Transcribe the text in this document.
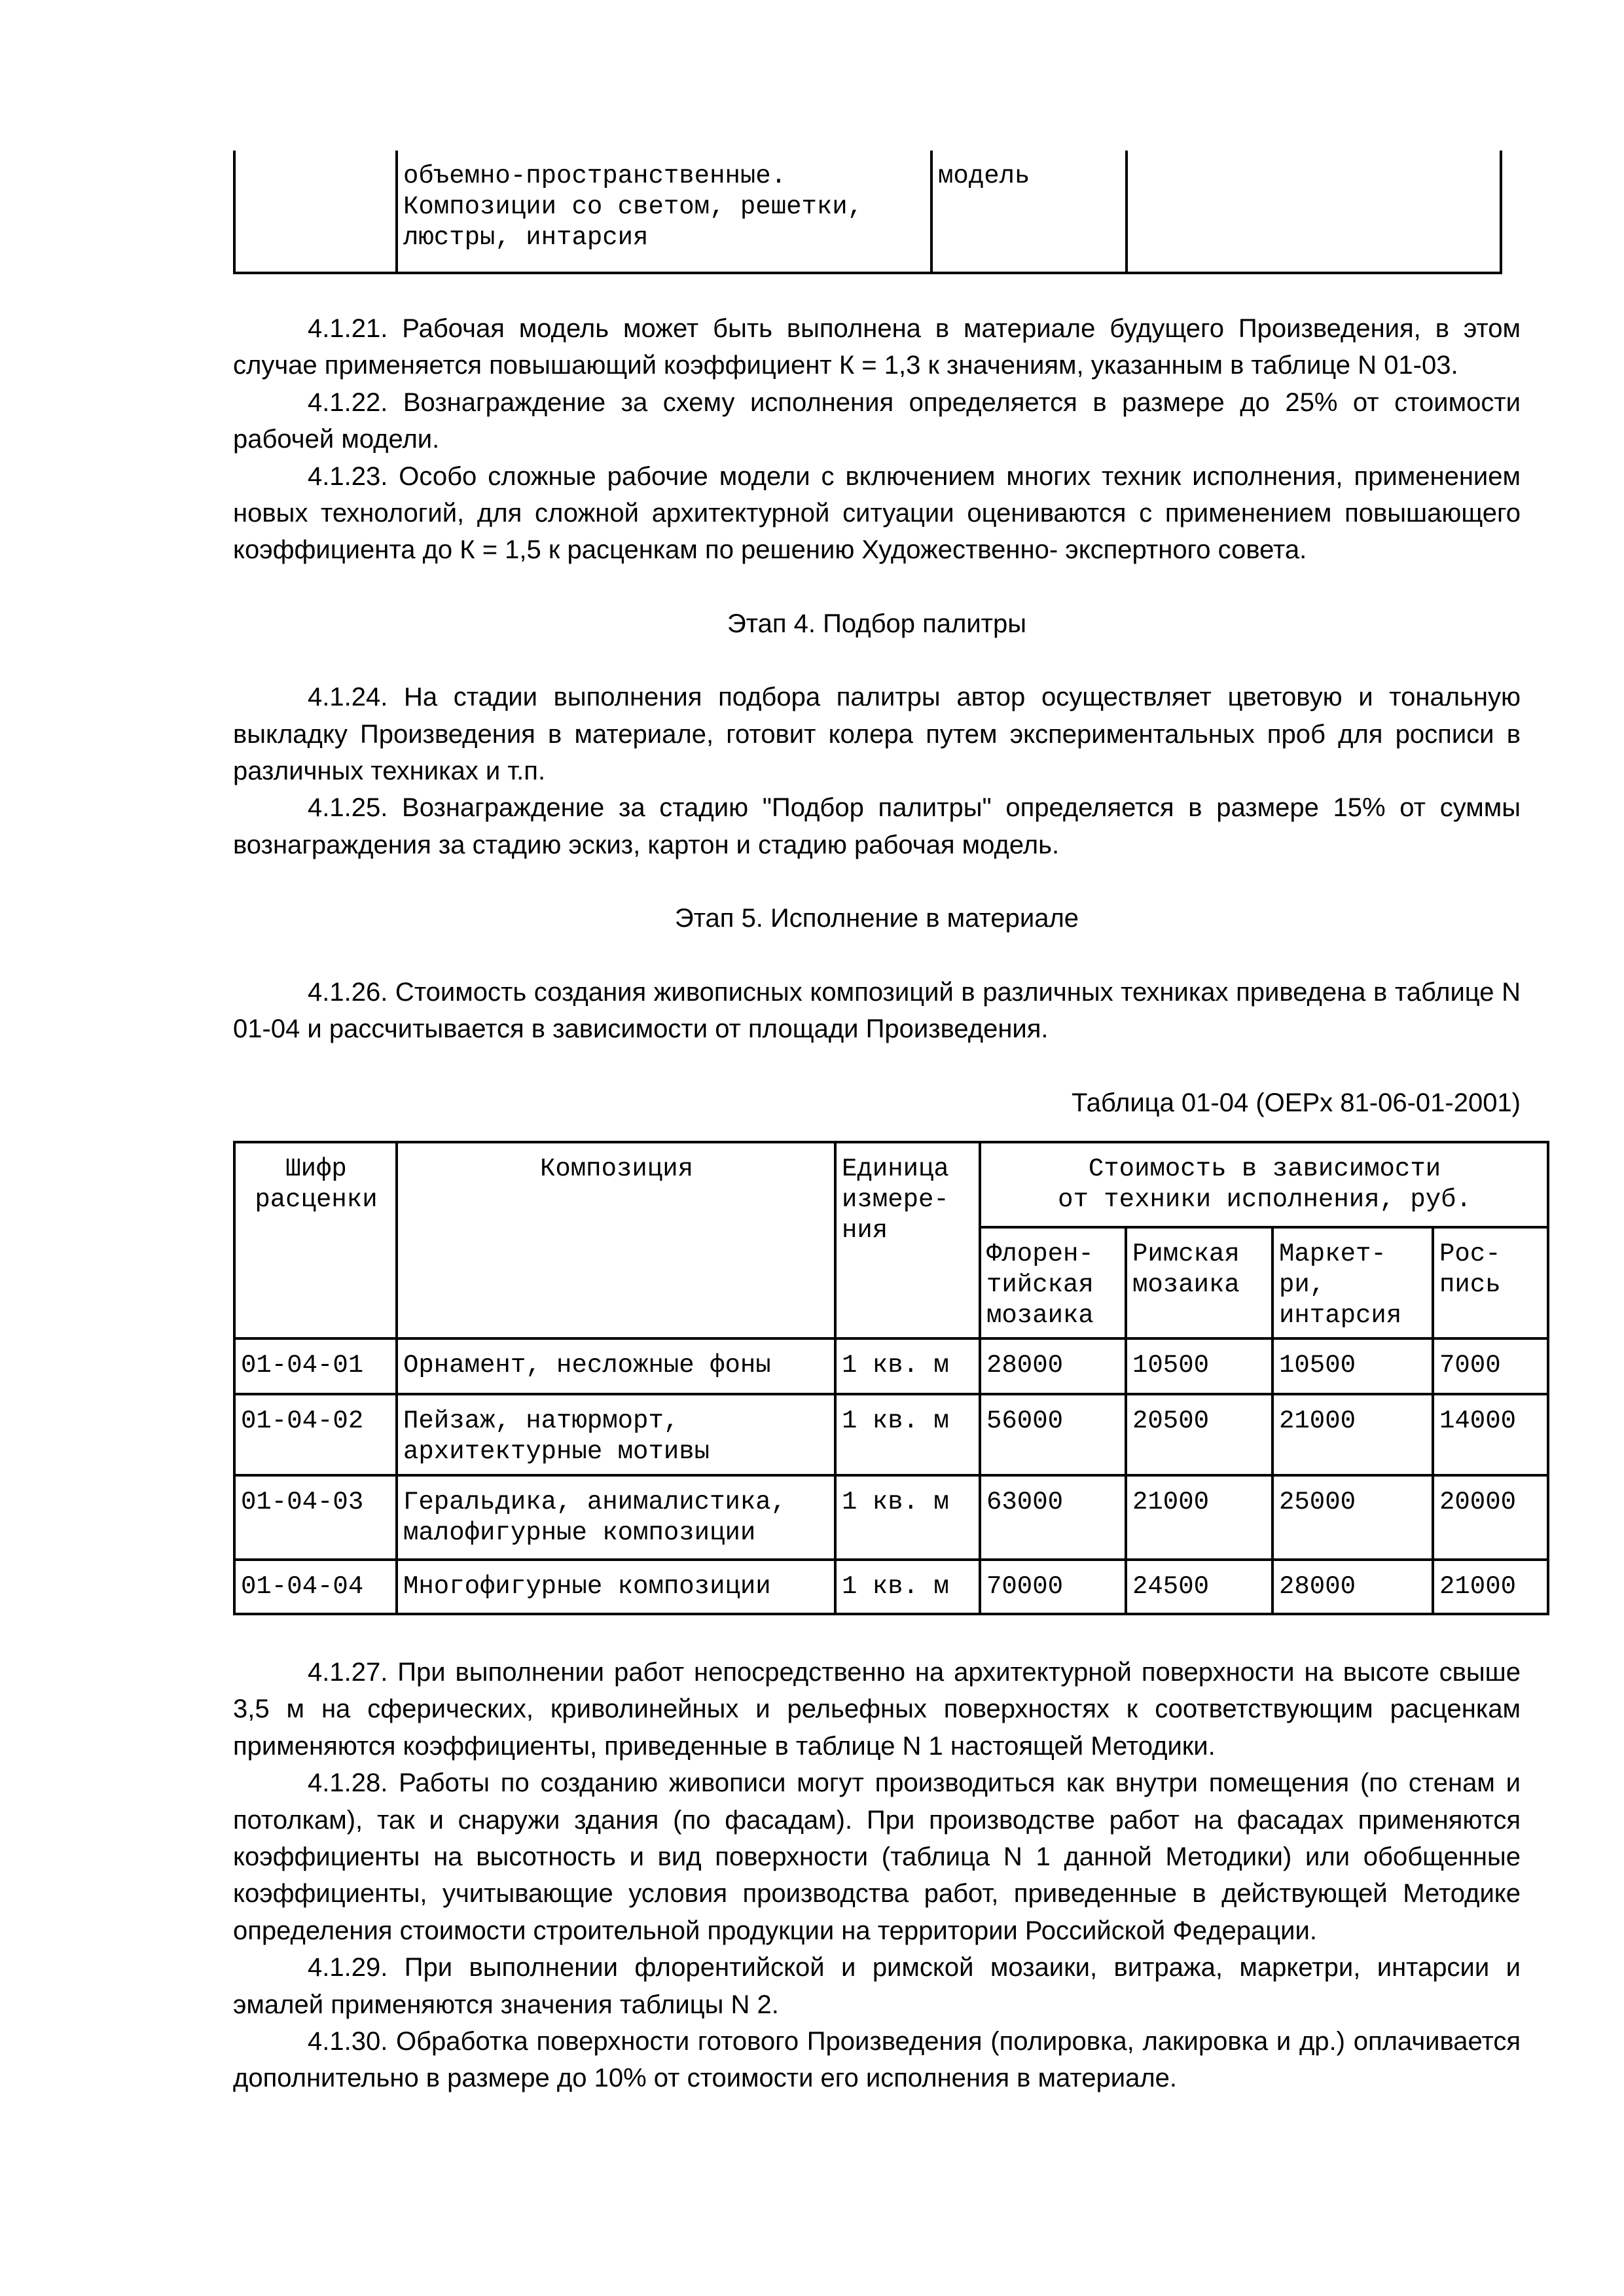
	объемно-пространственные.
Композиции со светом, решетки,
люстры, интарсия	модель	
4.1.21. Рабочая модель может быть выполнена в материале будущего Произведения, в этом случае применяется повышающий коэффициент К = 1,3 к значениям, указанным в таблице N 01-03.
4.1.22. Вознаграждение за схему исполнения определяется в размере до 25% от стоимости рабочей модели.
4.1.23. Особо сложные рабочие модели с включением многих техник исполнения, применением новых технологий, для сложной архитектурной ситуации оцениваются с применением повышающего коэффициента до К = 1,5 к расценкам по решению Художественно- экспертного совета.
Этап 4. Подбор палитры
4.1.24. На стадии выполнения подбора палитры автор осуществляет цветовую и тональную выкладку Произведения в материале, готовит колера путем экспериментальных проб для росписи в различных техниках и т.п.
4.1.25. Вознаграждение за стадию "Подбор палитры" определяется в размере 15% от суммы вознаграждения за стадию эскиз, картон и стадию рабочая модель.
Этап 5. Исполнение в материале
4.1.26. Стоимость создания живописных композиций в различных техниках приведена в таблице N 01-04 и рассчитывается в зависимости от площади Произведения.
Таблица 01-04 (ОЕРх 81-06-01-2001)
Шифр
расценки	Композиция	Единица
измере-
ния	Стоимость в зависимости
от техники исполнения, руб.			
			Флорен-
тийская
мозаика	Римская
мозаика	Маркет-
ри,
интарсия	Рос-
пись
01-04-01	Орнамент, несложные фоны	1 кв. м	28000	10500	10500	7000
01-04-02	Пейзаж, натюрморт,
архитектурные мотивы	1 кв. м	56000	20500	21000	14000
01-04-03	Геральдика, анималистика,
малофигурные композиции	1 кв. м	63000	21000	25000	20000
01-04-04	Многофигурные композиции	1 кв. м	70000	24500	28000	21000
4.1.27. При выполнении работ непосредственно на архитектурной поверхности на высоте свыше 3,5 м на сферических, криволинейных и рельефных поверхностях к соответствующим расценкам применяются коэффициенты, приведенные в таблице N 1 настоящей Методики.
4.1.28. Работы по созданию живописи могут производиться как внутри помещения (по стенам и потолкам), так и снаружи здания (по фасадам). При производстве работ на фасадах применяются коэффициенты на высотность и вид поверхности (таблица N 1 данной Методики) или обобщенные коэффициенты, учитывающие условия производства работ, приведенные в действующей Методике определения стоимости строительной продукции на территории Российской Федерации.
4.1.29. При выполнении флорентийской и римской мозаики, витража, маркетри, интарсии и эмалей применяются значения таблицы N 2.
4.1.30. Обработка поверхности готового Произведения (полировка, лакировка и др.) оплачивается дополнительно в размере до 10% от стоимости его исполнения в материале.
